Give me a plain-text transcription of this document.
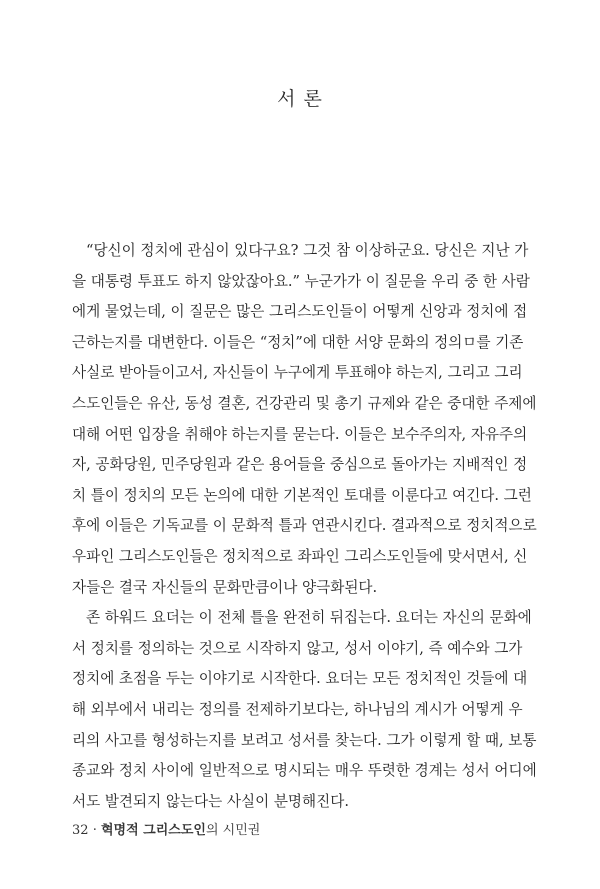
서 론
“당신이 정치에 관심이 있다구요? 그것 참 이상하군요. 당신은 지난 가
을 대통령 투표도 하지 않았잖아요.” 누군가가 이 질문을 우리 중 한 사람
에게 물었는데, 이 질문은 많은 그리스도인들이 어떻게 신앙과 정치에 접
근하는지를 대변한다. 이들은 “정치”에 대한 서양 문화의 정의ㅁ를 기존
사실로 받아들이고서, 자신들이 누구에게 투표해야 하는지, 그리고 그리
스도인들은 유산, 동성 결혼, 건강관리 및 총기 규제와 같은 중대한 주제에
대해 어떤 입장을 취해야 하는지를 묻는다. 이들은 보수주의자, 자유주의
자, 공화당원, 민주당원과 같은 용어들을 중심으로 돌아가는 지배적인 정
치 틀이 정치의 모든 논의에 대한 기본적인 토대를 이룬다고 여긴다. 그런
후에 이들은 기독교를 이 문화적 틀과 연관시킨다. 결과적으로 정치적으로
우파인 그리스도인들은 정치적으로 좌파인 그리스도인들에 맞서면서, 신
자들은 결국 자신들의 문화만큼이나 양극화된다.
존 하워드 요더는 이 전체 틀을 완전히 뒤집는다. 요더는 자신의 문화에
서 정치를 정의하는 것으로 시작하지 않고, 성서 이야기, 즉 예수와 그가
정치에 초점을 두는 이야기로 시작한다. 요더는 모든 정치적인 것들에 대
해 외부에서 내리는 정의를 전제하기보다는, 하나님의 계시가 어떻게 우
리의 사고를 형성하는지를 보려고 성서를 찾는다. 그가 이렇게 할 때, 보통
종교와 정치 사이에 일반적으로 명시되는 매우 뚜렷한 경계는 성서 어디에
서도 발견되지 않는다는 사실이 분명해진다.
32 · 혁명적 그리스도인의 시민권
